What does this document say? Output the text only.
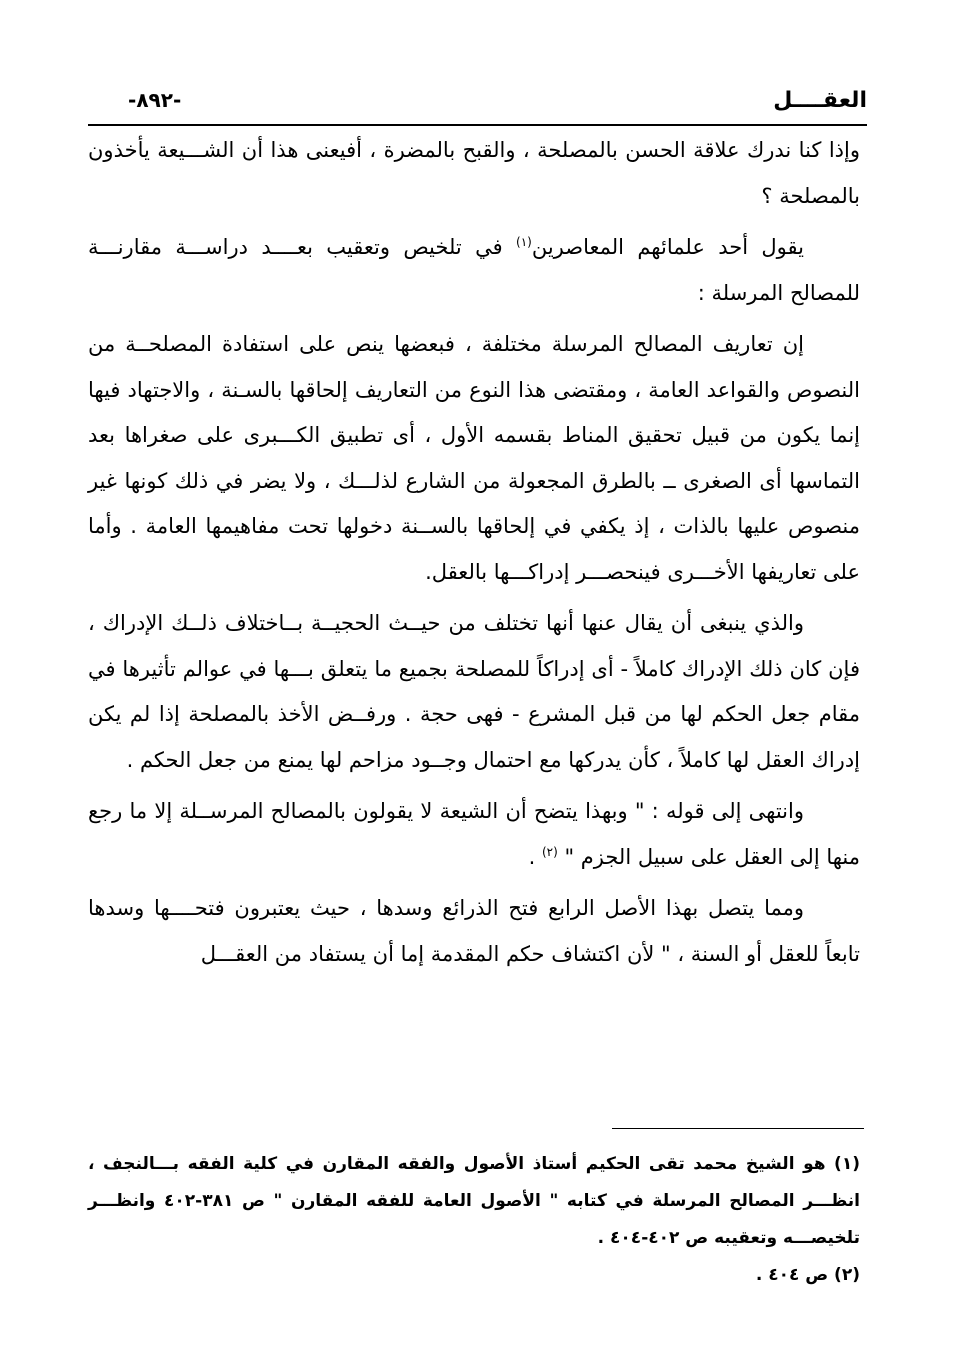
العقــــل
-٨٩٢-

وإذا كنا ندرك علاقة الحسن بالمصلحة ، والقبح بالمضرة ، أفيعنى هذا أن الشـــيعة يأخذون بالمصلحة ؟

يقول أحد علمائهم المعاصرين$^{(١)}$ في تلخيص وتعقيب بعــــد دراســـة مقارنـــة للمصالح المرسلة :

إن تعاريف المصالح المرسلة مختلفة ، فبعضها ينص على استفادة المصلحــة من النصوص والقواعد العامة ، ومقتضى هذا النوع من التعاريف إلحاقها بالسـنة ، والاجتهاد فيها إنما يكون من قبيل تحقيق المناط بقسمه الأول ، أى تطبيق الكـــبرى على صغراها بعد التماسها أى الصغرى ــ بالطرق المجعولة من الشارع لذلـــك ، ولا يضر في ذلك كونها غير منصوص عليها بالذات ، إذ يكفي في إلحاقها بالســنة دخولها تحت مفاهيمها العامة . وأما على تعاريفها الأخـــرى فينحصـــر إدراكـــها بالعقل.

والذي ينبغى أن يقال عنها أنها تختلف من حيــث الحجيــة بــاختلاف ذلــك الإدراك ، فإن كان ذلك الإدراك كاملاً - أى إدراكاً للمصلحة بجميع ما يتعلق بـــها في عوالم تأثيرها في مقام جعل الحكم لها من قبل المشرع - فهى حجة . ورفــض الأخذ بالمصلحة إذا لم يكن إدراك العقل لها كاملاً ، كأن يدركها مع احتمال وجــود مزاحم لها يمنع من جعل الحكم .

وانتهى إلى قوله : " وبهذا يتضح أن الشيعة لا يقولون بالمصالح المرســلة إلا ما رجع منها إلى العقل على سبيل الجزم " $^{(٢)}$ .

ومما يتصل بهذا الأصل الرابع فتح الذرائع وسدها ، حيث يعتبرون فتحــــها وسدها تابعاً للعقل أو السنة ، " لأن اكتشاف حكم المقدمة إما أن يستفاد من العقـــل

(١) هو الشيخ محمد تقى الحكيم أستاذ الأصول والفقه المقارن في كلية الفقه بـــالنجف ، انظـــر المصالح المرسلة في كتابه " الأصول العامة للفقه المقارن " ص ٣٨١-٤٠٢ وانظـــر تلخيصـــه وتعقيبه ص ٤٠٢-٤٠٤ .

(٢) ص ٤٠٤ .
